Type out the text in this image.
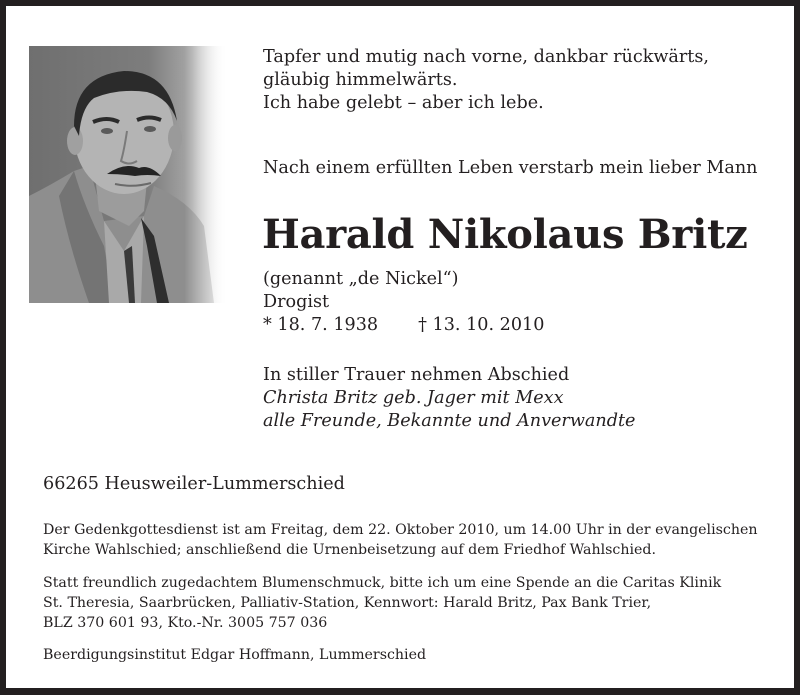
Tapfer und mutig nach vorne, dankbar rückwärts,
gläubig himmelwärts.
Ich habe gelebt – aber ich lebe.
Nach einem erfüllten Leben verstarb mein lieber Mann
Harald Nikolaus Britz
(genannt „de Nickel“)
Drogist
* 18. 7. 1938 † 13. 10. 2010
In stiller Trauer nehmen Abschied
Christa Britz geb. Jager mit Mexx
alle Freunde, Bekannte und Anverwandte
66265 Heusweiler-Lummerschied
Der Gedenkgottesdienst ist am Freitag, dem 22. Oktober 2010, um 14.00 Uhr in der evangelischen
Kirche Wahlschied; anschließend die Urnenbeisetzung auf dem Friedhof Wahlschied.
Statt freundlich zugedachtem Blumenschmuck, bitte ich um eine Spende an die Caritas Klinik
St. Theresia, Saarbrücken, Palliativ-Station, Kennwort: Harald Britz, Pax Bank Trier,
BLZ 370 601 93, Kto.-Nr. 3005 757 036
Beerdigungsinstitut Edgar Hoffmann, Lummerschied
